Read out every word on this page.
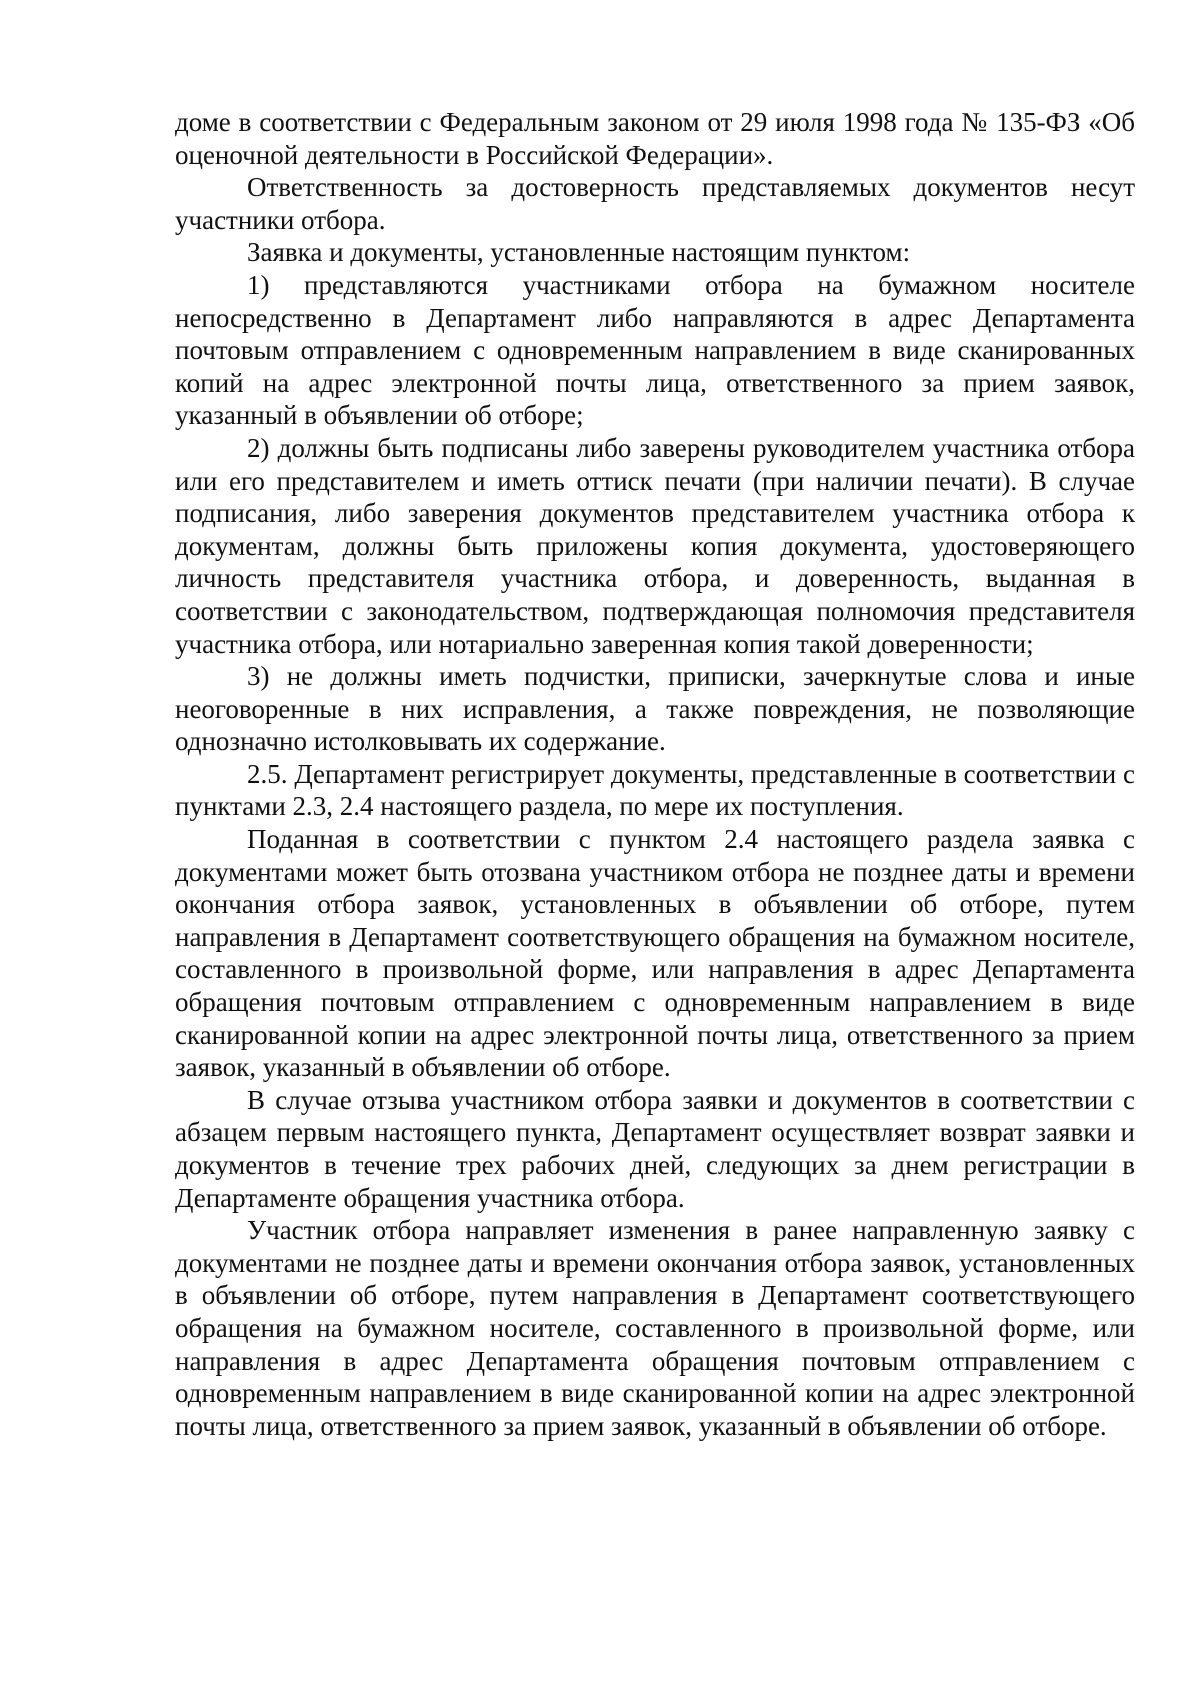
доме в соответствии с Федеральным законом от 29 июля 1998 года № 135-ФЗ «Об оценочной деятельности в Российской Федерации».

Ответственность за достоверность представляемых документов несут участники отбора.

Заявка и документы, установленные настоящим пунктом:

1) представляются участниками отбора на бумажном носителе непосредственно в Департамент либо направляются в адрес Департамента почтовым отправлением с одновременным направлением в виде сканированных копий на адрес электронной почты лица, ответственного за прием заявок, указанный в объявлении об отборе;

2) должны быть подписаны либо заверены руководителем участника отбора или его представителем и иметь оттиск печати (при наличии печати). В случае подписания, либо заверения документов представителем участника отбора к документам, должны быть приложены копия документа, удостоверяющего личность представителя участника отбора, и доверенность, выданная в соответствии с законодательством, подтверждающая полномочия представителя участника отбора, или нотариально заверенная копия такой доверенности;

3) не должны иметь подчистки, приписки, зачеркнутые слова и иные неоговоренные в них исправления, а также повреждения, не позволяющие однозначно истолковывать их содержание.

2.5. Департамент регистрирует документы, представленные в соответствии с пунктами 2.3, 2.4 настоящего раздела, по мере их поступления.

Поданная в соответствии с пунктом 2.4 настоящего раздела заявка с документами может быть отозвана участником отбора не позднее даты и времени окончания отбора заявок, установленных в объявлении об отборе, путем направления в Департамент соответствующего обращения на бумажном носителе, составленного в произвольной форме, или направления в адрес Департамента обращения почтовым отправлением с одновременным направлением в виде сканированной копии на адрес электронной почты лица, ответственного за прием заявок, указанный в объявлении об отборе.

В случае отзыва участником отбора заявки и документов в соответствии с абзацем первым настоящего пункта, Департамент осуществляет возврат заявки и документов в течение трех рабочих дней, следующих за днем регистрации в Департаменте обращения участника отбора.

Участник отбора направляет изменения в ранее направленную заявку с документами не позднее даты и времени окончания отбора заявок, установленных в объявлении об отборе, путем направления в Департамент соответствующего обращения на бумажном носителе, составленного в произвольной форме, или направления в адрес Департамента обращения почтовым отправлением с одновременным направлением в виде сканированной копии на адрес электронной почты лица, ответственного за прием заявок, указанный в объявлении об отборе.
